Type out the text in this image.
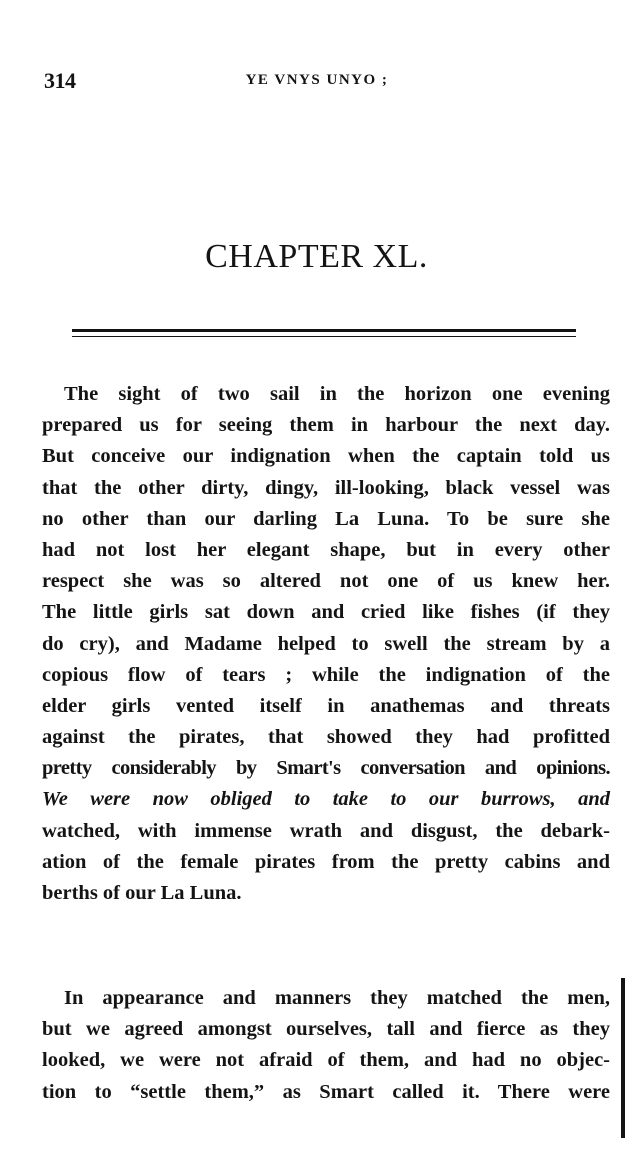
314	YE VNYS UNYO ;
CHAPTER XL.

The sight of two sail in the horizon one evening
prepared us for seeing them in harbour the next day.
But conceive our indignation when the captain told us
that the other dirty, dingy, ill-looking, black vessel was
no other than our darling La Luna. To be sure she
had not lost her elegant shape, but in every other
respect she was so altered not one of us knew her.
The little girls sat down and cried like fishes (if they
do cry), and Madame helped to swell the stream by a
copious flow of tears ; while the indignation of the
elder girls vented itself in anathemas and threats
against the pirates, that showed they had profitted
pretty considerably by Smart's conversation and opinions.
We were now obliged to take to our burrows, and
watched, with immense wrath and disgust, the debark-
ation of the female pirates from the pretty cabins and
berths of our La Luna.

In appearance and manners they matched the men,
but we agreed amongst ourselves, tall and fierce as they
looked, we were not afraid of them, and had no objec-
tion to “settle them,” as Smart called it. There were
